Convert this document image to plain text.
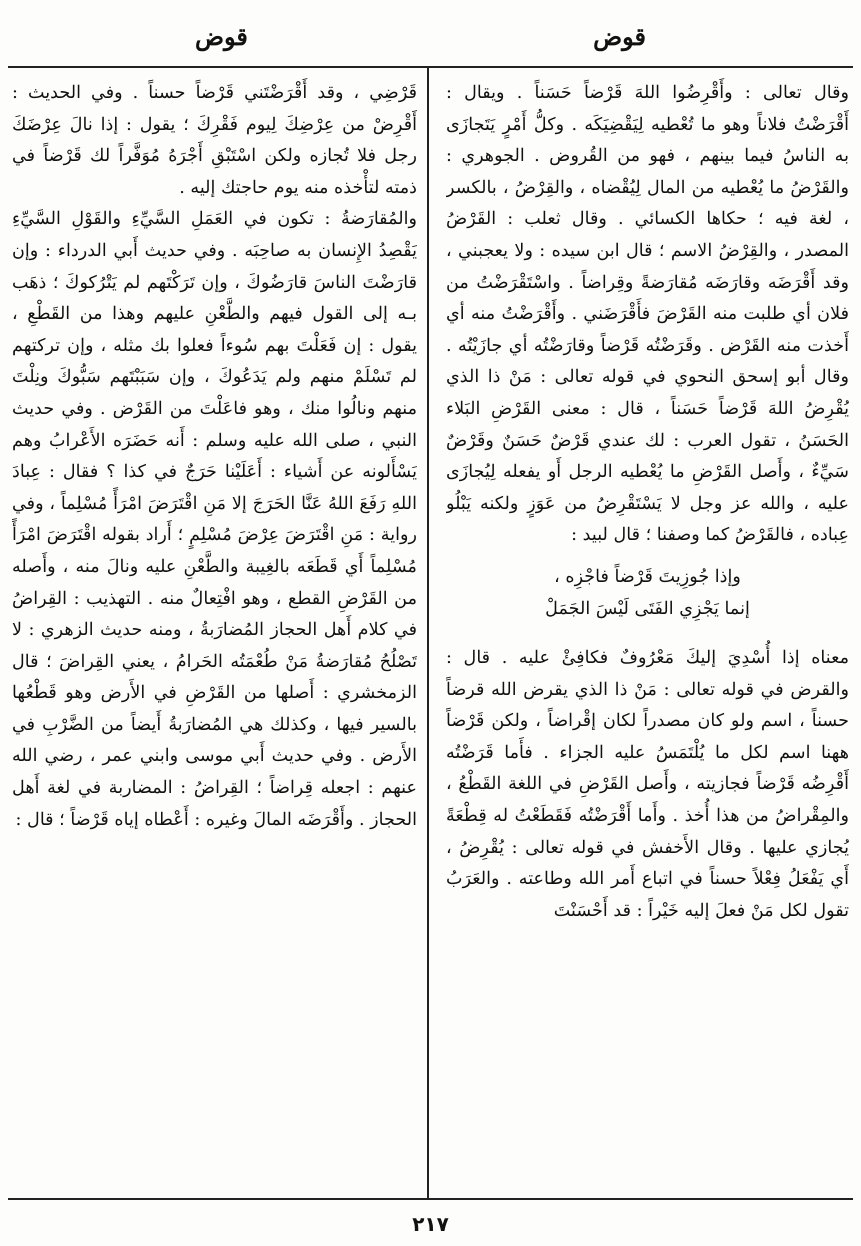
قوض
قوض

وقال تعالى : وأَقْرِضُوا اللهَ قَرْضاً حَسَناً . ويقال : أَقْرَضْتُ فلاناً وهو ما تُعْطيه لِيَقْضِيَكَه . وكلُّ أَمْرٍ يَتَجازَى به الناسُ فيما بينهم ، فهو من القُروض . الجوهري : والقَرْضُ ما يُعْطيه من المال لِيُقْضاه ، والقِرْضُ ، بالكسر ، لغة فيه ؛ حكاها الكسائي . وقال ثعلب : القَرْضُ المصدر ، والقِرْضُ الاسم ؛ قال ابن سيده : ولا يعجبني ، وقد أَقْرَضَه وقارَضَه مُقارَضةً وقِراضاً . واسْتَقْرَضْتُ من فلان أي طلبت منه القَرْضَ فأَقْرَضَني . وأَقْرَضْتُ منه أي أَخذت منه القَرْض . وقَرَضْتُه قَرْضاً وقارَضْتُه أي جازَيْتُه . وقال أبو إسحق النحوي في قوله تعالى : مَنْ ذا الذي يُقْرِضُ اللهَ قَرْضاً حَسَناً ، قال : معنى القَرْضِ البَلاء الحَسَنُ ، تقول العرب : لك عندي قَرْضٌ حَسَنٌ وقَرْضٌ سَيِّءٌ ، وأَصل القَرْضِ ما يُعْطيه الرجل أَو يفعله لِيُجازَى عليه ، والله عز وجل لا يَسْتَقْرِضُ من عَوَزٍ ولكنه يَبْلُو عِباده ، فالقَرْضُ كما وصفنا ؛ قال لبيد :

وإذا جُوزِيتَ قَرْضاً فاجْزِه ،
إنما يَجْزِي الفَتَى لَيْسَ الجَمَلْ

معناه إذا أُسْدِيَ إليكَ مَعْرُوفٌ فكافِئْ عليه . قال : والقرض في قوله تعالى : مَنْ ذا الذي يقرض الله قرضاً حسناً ، اسم ولو كان مصدراً لكان إقْراضاً ، ولكن قَرْضاً ههنا اسم لكل ما يُلْتَمَسُ عليه الجزاء . فأَما قَرَضْتُه أَقْرِضُه قَرْضاً فجازيته ، وأَصل القَرْضِ في اللغة القَطْعُ ، والمِقْراضُ من هذا أُخذ . وأَما أَقْرَضْتُه فَقَطَعْتُ له قِطْعَةً يُجازي عليها . وقال الأَخفش في قوله تعالى : يُقْرِضُ ، أَي يَفْعَلُ فِعْلاً حسناً في اتباع أَمر الله وطاعته . والعَرَبُ تقول لكل مَنْ فعلَ إليه خَيْراً : قد أَحْسَنْتَ

قَرْضِي ، وقد أَقْرَضْتَني قَرْضاً حسناً . وفي الحديث : أَقْرِضْ من عِرْضِكَ لِيوم فَقْرِكَ ؛ يقول : إذا نالَ عِرْضَكَ رجل فلا تُجازه ولكن اسْتَبْقِ أَجْرَهُ مُوَفَّراً لك قَرْضاً في ذمته لتأْخذه منه يوم حاجتك إليه .

والمُقارَضةُ : تكون في العَمَلِ السَّيِّءِ والقَوْلِ السَّيِّءِ يَقْصِدُ الإِنسان به صاحِبَه . وفي حديث أَبي الدرداء : وإن قارَضْتَ الناسَ قارَضُوكَ ، وإن تَرَكْتَهم لم يَتْرُكوكَ ؛ ذهَب بـه إلى القول فيهم والطَّعْنِ عليهم وهذا من القَطْعِ ، يقول : إن فَعَلْتَ بهم سُوءاً فعلوا بك مثله ، وإن تركتهم لم تَسْلَمْ منهم ولم يَدَعُوكَ ، وإن سَبَبْتَهم سَبُّوكَ ونِلْتَ منهم ونالُوا منك ، وهو فاعَلْتَ من القَرْض . وفي حديث النبي ، صلى الله عليه وسلم : أَنه حَضَرَه الأَعْرابُ وهم يَسْأَلونه عن أَشياء : أَعَلَيْنا حَرَجٌ في كذا ؟ فقال : عِبادَ اللهِ رَفَعَ اللهُ عَنَّا الحَرَجَ إلا مَنِ اقْتَرَضَ امْرَأً مُسْلِماً ، وفي رواية : مَنِ اقْتَرَضَ عِرْضَ مُسْلِمٍ ؛ أَراد بقوله اقْتَرَضَ امْرَأً مُسْلِماً أَي قَطَعَه بالغِيبة والطَّعْنِ عليه ونالَ منه ، وأَصله من القَرْضِ القطع ، وهو افْتِعالٌ منه . التهذيب : القِراضُ في كلام أَهل الحجاز المُضارَبةُ ، ومنه حديث الزهري : لا تَصْلُحُ مُقارَضةُ مَنْ طُعْمَتُه الحَرامُ ، يعني القِراضَ ؛ قال الزمخشري : أَصلها من القَرْضِ في الأَرض وهو قَطْعُها بالسير فيها ، وكذلك هي المُضارَبةُ أَيضاً من الضَّرْبِ في الأَرض . وفي حديث أَبي موسى وابني عمر ، رضي الله عنهم : اجعله قِراضاً ؛ القِراضُ : المضاربة في لغة أَهل الحجاز . وأَقْرَضَه المالَ وغيره : أَعْطاه إياه قَرْضاً ؛ قال :

٢١٧
